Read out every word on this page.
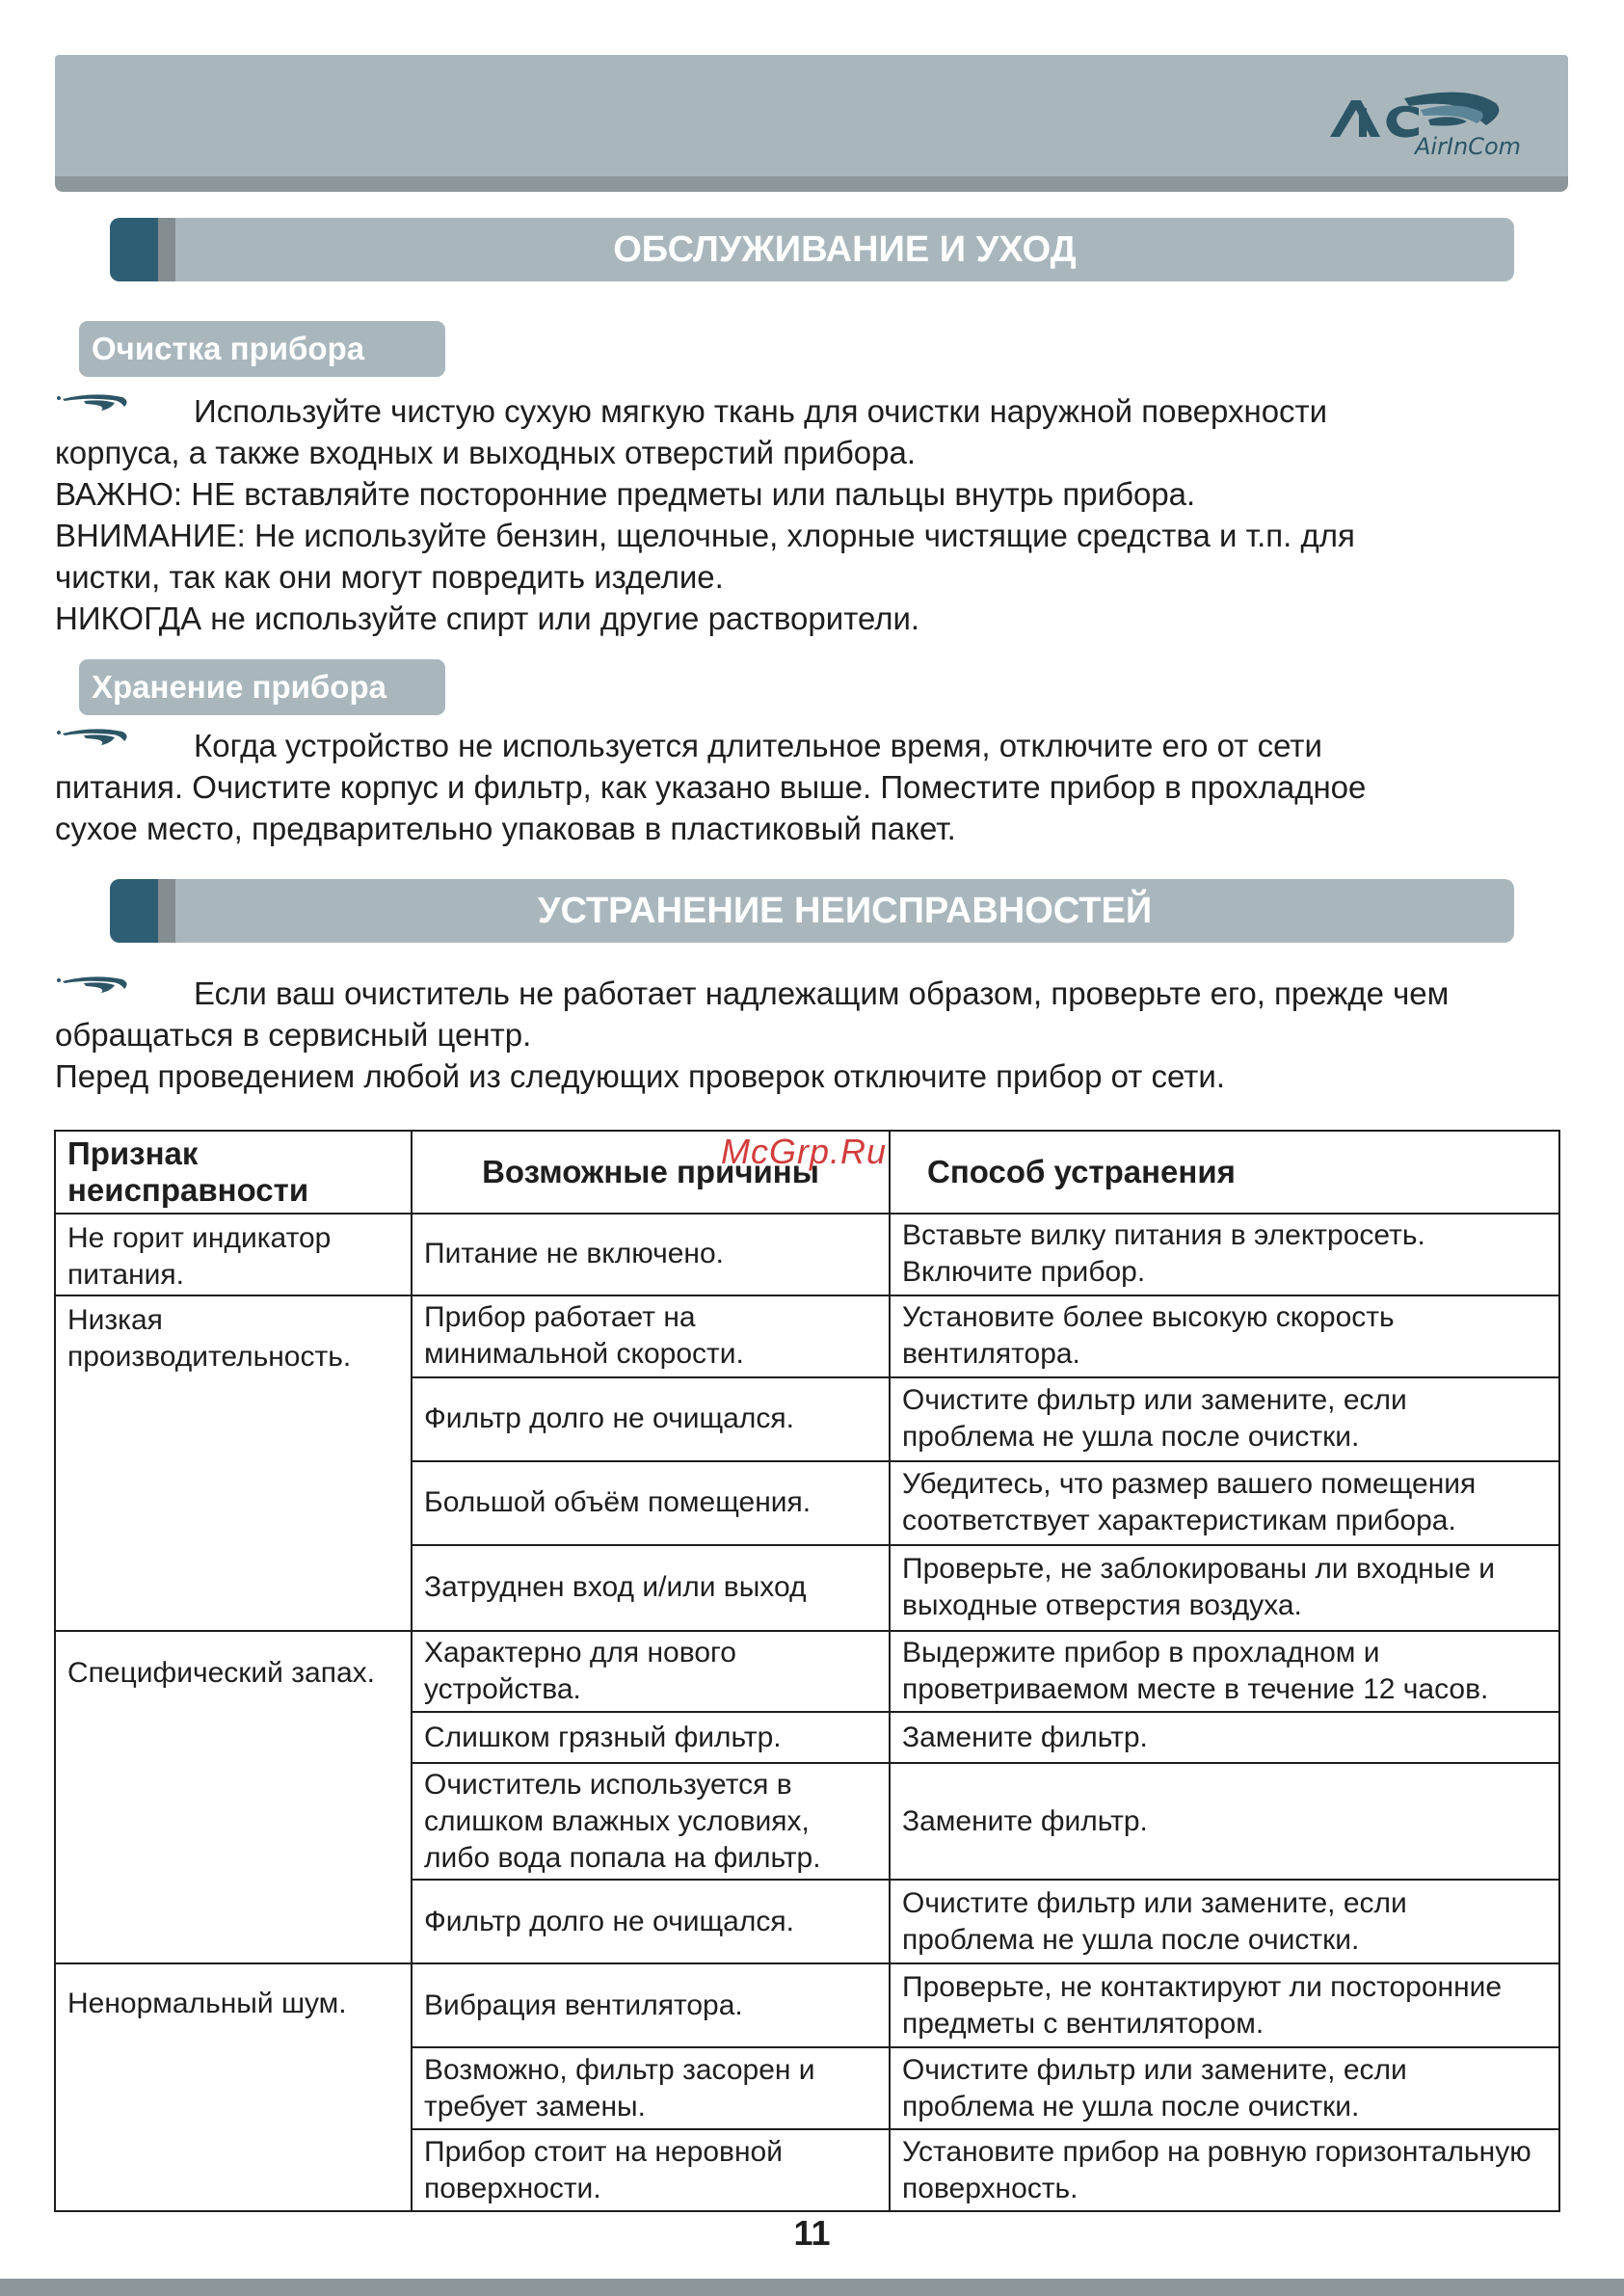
AirInCom
ОБСЛУЖИВАНИЕ И УХОД
Очистка прибора
Используйте чистую сухую мягкую ткань для очистки наружной поверхности
корпуса, а также входных и выходных отверстий прибора.
ВАЖНО: НЕ вставляйте посторонние предметы или пальцы внутрь прибора.
ВНИМАНИЕ: Не используйте бензин, щелочные, хлорные чистящие средства и т.п. для
чистки, так как они могут повредить изделие.
НИКОГДА не используйте спирт или другие растворители.
Хранение прибора
Когда устройство не используется длительное время, отключите его от сети
питания. Очистите корпус и фильтр, как указано выше. Поместите прибор в прохладное
сухое место, предварительно упаковав в пластиковый пакет.
УСТРАНЕНИЕ НЕИСПРАВНОСТЕЙ
Если ваш очиститель не работает надлежащим образом, проверьте его, прежде чем
обращаться в сервисный центр.
Перед проведением любой из следующих проверок отключите прибор от сети.
Признак неисправности	Возможные причины	Способ устранения
Не горит индикатор питания.	Питание не включено.	Вставьте вилку питания в электросеть. Включите прибор.
Низкая производительность.	Прибор работает на минимальной скорости.	Установите более высокую скорость вентилятора.
	Фильтр долго не очищался.	Очистите фильтр или замените, если проблема не ушла после очистки.
	Большой объём помещения.	Убедитесь, что размер вашего помещения соответствует характеристикам прибора.
	Затруднен вход и/или выход	Проверьте, не заблокированы ли входные и выходные отверстия воздуха.
Специфический запах.	Характерно для нового устройства.	Выдержите прибор в прохладном и проветриваемом месте в течение 12 часов.
	Слишком грязный фильтр.	Замените фильтр.
	Очиститель используется в слишком влажных условиях, либо вода попала на фильтр.	Замените фильтр.
	Фильтр долго не очищался.	Очистите фильтр или замените, если проблема не ушла после очистки.
Ненормальный шум.	Вибрация вентилятора.	Проверьте, не контактируют ли посторонние предметы с вентилятором.
	Возможно, фильтр засорен и требует замены.	Очистите фильтр или замените, если проблема не ушла после очистки.
	Прибор стоит на неровной поверхности.	Установите прибор на ровную горизонтальную поверхность.
McGrp.Ru
11
